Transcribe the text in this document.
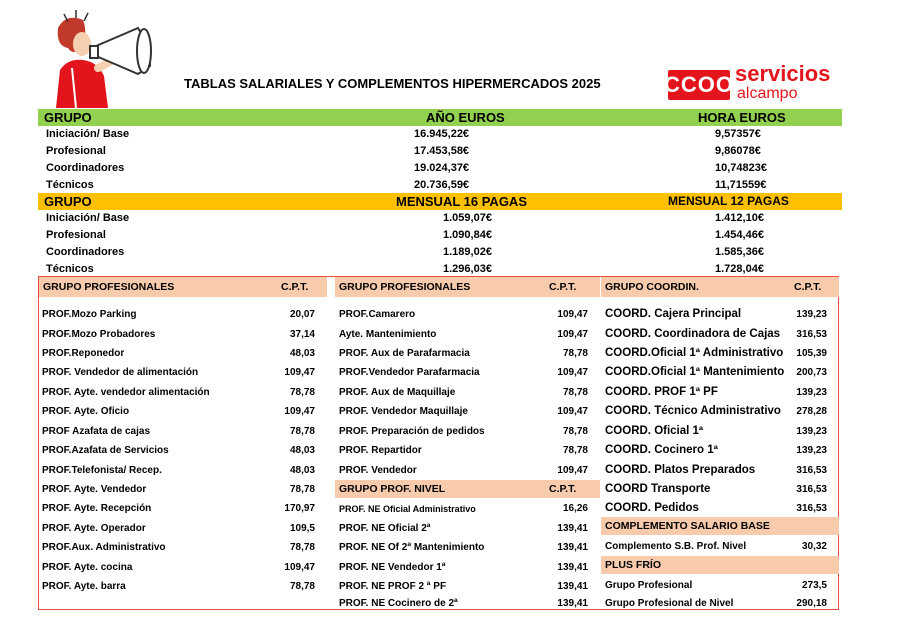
TABLAS SALARIALES Y COMPLEMENTOS HIPERMERCADOS 2025	CCOO servicios
alcampo
GRUPO	AÑO EUROS	HORA EUROS
Iniciación/ Base	16.945,22€	9,57357€
Profesional	17.453,58€	9,86078€
Coordinadores	19.024,37€	10,74823€
Técnicos	20.736,59€	11,71559€
GRUPO	MENSUAL 16 PAGAS	MENSUAL 12 PAGAS
Iniciación/ Base	1.059,07€	1.412,10€
Profesional	1.090,84€	1.454,46€
Coordinadores	1.189,02€	1.585,36€
Técnicos	1.296,03€	1.728,04€
GRUPO PROFESIONALES	C.P.T.	GRUPO PROFESIONALES	C.P.T.	GRUPO COORDIN.	C.P.T.
PROF.Mozo Parking	20,07
PROF.Mozo Probadores	37,14
PROF.Reponedor	48,03
PROF. Vendedor de alimentación	109,47
PROF. Ayte. vendedor alimentación	78,78
PROF. Ayte. Oficio	109,47
PROF Azafata de cajas	78,78
PROF.Azafata de Servicios	48,03
PROF.Telefonista/ Recep.	48,03
PROF. Ayte. Vendedor	78,78
PROF. Ayte. Recepción	170,97
PROF. Ayte. Operador	109,5
PROF.Aux. Administrativo	78,78
PROF. Ayte. cocina	109,47
PROF. Ayte. barra	78,78
PROF.Camarero	109,47
Ayte. Mantenimiento	109,47
PROF. Aux de Parafarmacia	78,78
PROF.Vendedor Parafarmacia	109,47
PROF. Aux de Maquillaje	78,78
PROF. Vendedor Maquillaje	109,47
PROF. Preparación de pedidos	78,78
PROF. Repartidor	78,78
PROF. Vendedor	109,47
GRUPO PROF. NIVEL	C.P.T.
PROF. NE Oficial Administrativo	16,26
PROF. NE Oficial 2ª	139,41
PROF. NE Of 2ª Mantenimiento	139,41
PROF. NE Vendedor 1ª	139,41
PROF. NE PROF 2 ª PF	139,41
PROF. NE Cocinero de 2ª	139,41
COORD. Cajera Principal	139,23
COORD. Coordinadora de Cajas	316,53
COORD.Oficial 1ª Administrativo	105,39
COORD.Oficial 1ª Mantenimiento	200,73
COORD. PROF 1ª PF	139,23
COORD. Técnico Administrativo	278,28
COORD. Oficial 1ª	139,23
COORD. Cocinero 1ª	139,23
COORD. Platos Preparados	316,53
COORD Transporte	316,53
COORD. Pedidos	316,53
COMPLEMENTO SALARIO BASE
Complemento S.B. Prof. Nivel	30,32
PLUS FRÍO
Grupo Profesional	273,5
Grupo Profesional de Nivel	290,18
